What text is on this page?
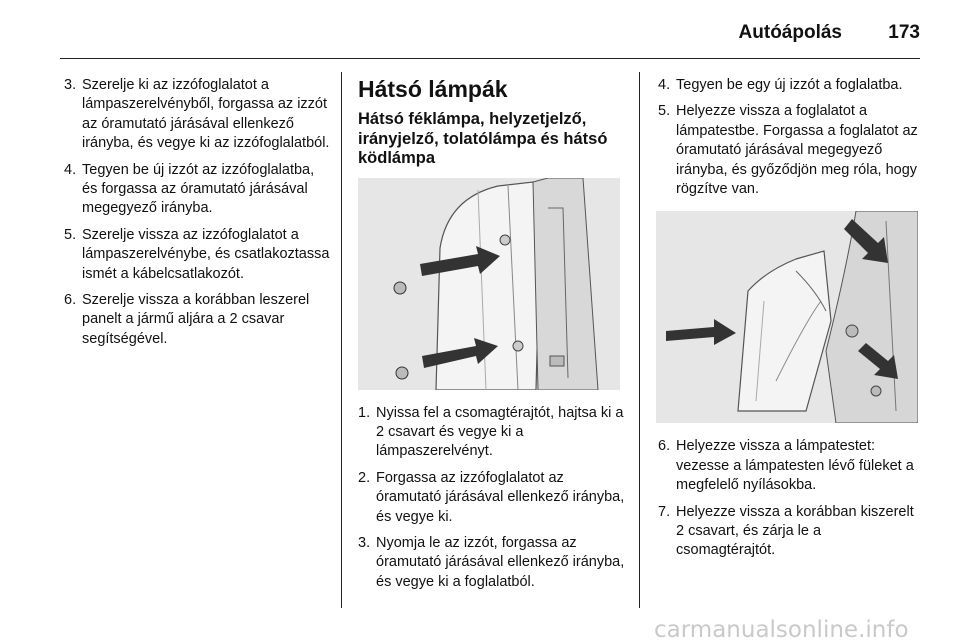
Autóápolás 173
3. Szerelje ki az izzófoglalatot a lámpaszerelvényből, forgassa az izzót az óramutató járásával ellenkező irányba, és vegye ki az izzófoglalatból.
4. Tegyen be új izzót az izzófoglalatba, és forgassa az óramutató járásával megegyező irányba.
5. Szerelje vissza az izzófoglalatot a lámpaszerelvénybe, és csatlakoztassa ismét a kábelcsatlakozót.
6. Szerelje vissza a korábban leszerel panelt a jármű aljára a 2 csavar segítségével.
Hátsó lámpák
Hátsó féklámpa, helyzetjelző, irányjelző, tolatólámpa és hátsó ködlámpa
1. Nyissa fel a csomagtérajtót, hajtsa ki a 2 csavart és vegye ki a lámpaszerelvényt.
2. Forgassa az izzófoglalatot az óramutató járásával ellenkező irányba, és vegye ki.
3. Nyomja le az izzót, forgassa az óramutató járásával ellenkező irányba, és vegye ki a foglalatból.
4. Tegyen be egy új izzót a foglalatba.
5. Helyezze vissza a foglalatot a lámpatestbe. Forgassa a foglalatot az óramutató járásával megegyező irányba, és győződjön meg róla, hogy rögzítve van.
6. Helyezze vissza a lámpatestet: vezesse a lámpatesten lévő füleket a megfelelő nyílásokba.
7. Helyezze vissza a korábban kiszerelt 2 csavart, és zárja le a csomagtérajtót.
carmanualsonline.info
